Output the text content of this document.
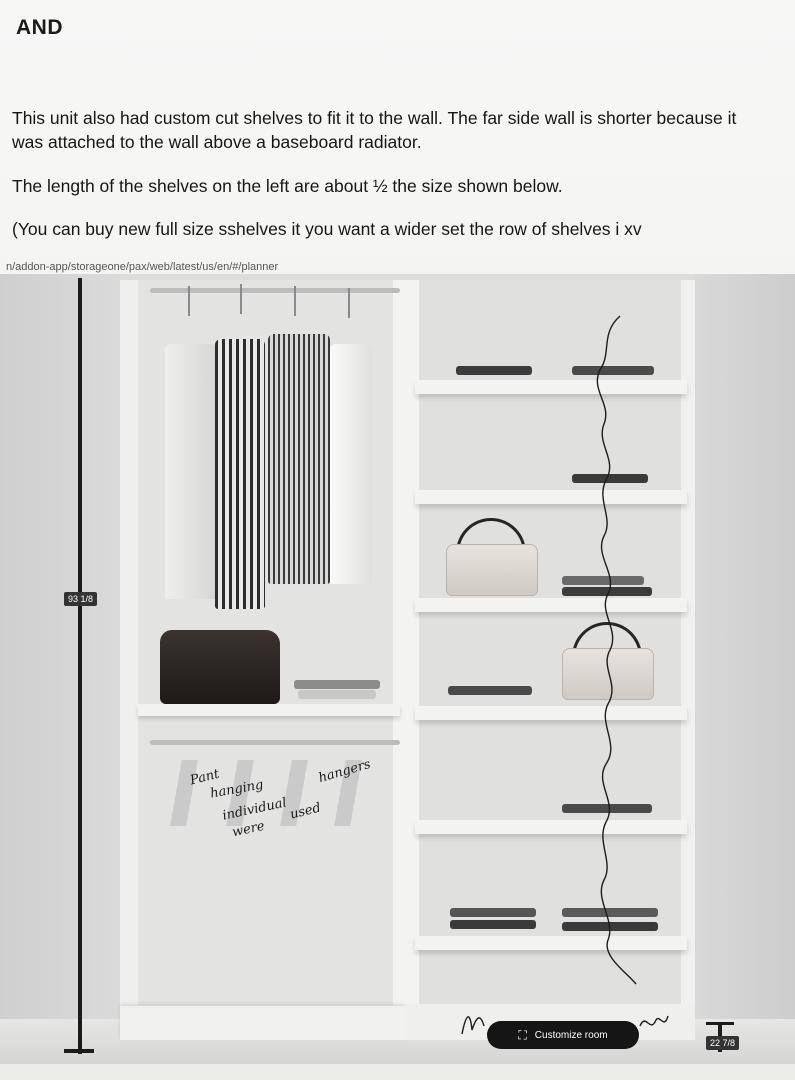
AND
This unit also had custom cut shelves to fit it to the wall. The far side wall is shorter because it was attached to the wall above a baseboard radiator.
The length of the shelves on the left are about ½ the size shown below.
(You can buy new full size sshelves it you want a wider set the row of shelves i xv
n/addon-app/storageone/pax/web/latest/us/en/#/planner
93 1/8
22 7/8
Pant
hanging
hangers
individual
were
used
⛶ Customize room
